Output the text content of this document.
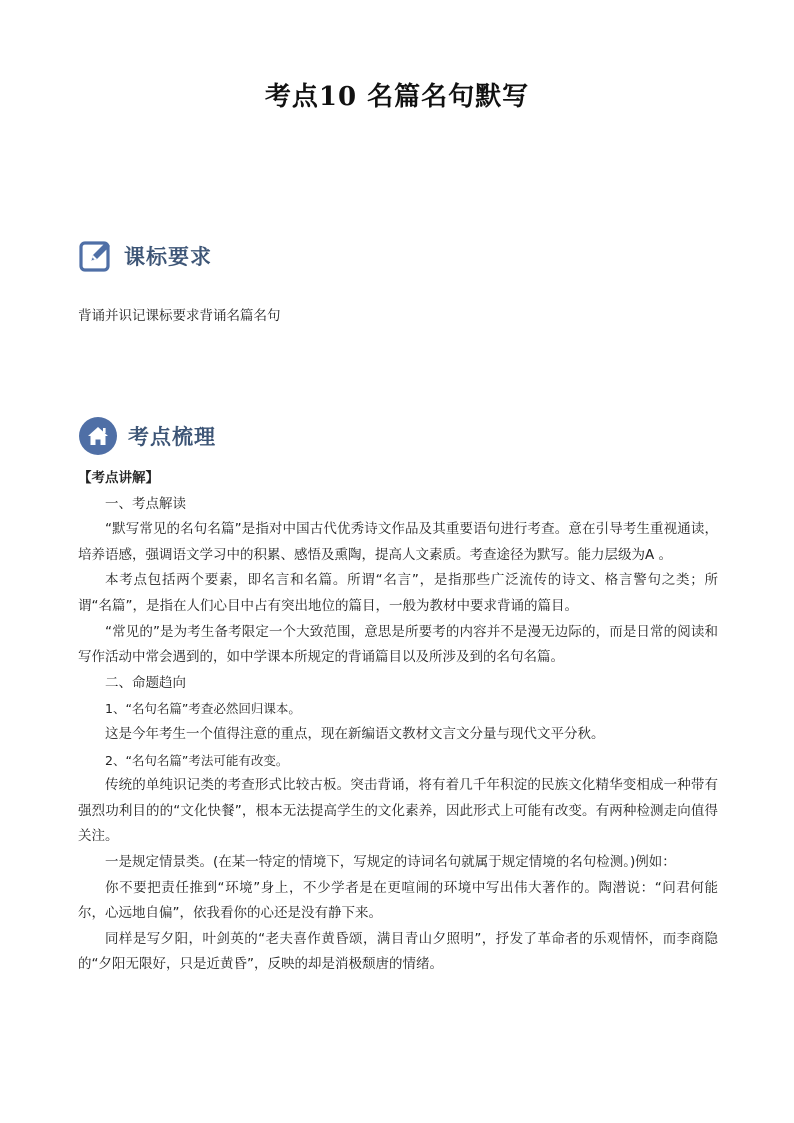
考点10 名篇名句默写
课标要求
背诵并识记课标要求背诵名篇名句
考点梳理

【考点讲解】

一、考点解读

“默写常见的名句名篇”是指对中国古代优秀诗文作品及其重要语句进行考查。意在引导考生重视通读，培养语感，强调语文学习中的积累、感悟及熏陶，提高人文素质。考查途径为默写。能力层级为A 。

本考点包括两个要素，即名言和名篇。所谓“名言”，是指那些广泛流传的诗文、格言警句之类；所谓“名篇”，是指在人们心目中占有突出地位的篇目，一般为教材中要求背诵的篇目。

“常见的”是为考生备考限定一个大致范围，意思是所要考的内容并不是漫无边际的，而是日常的阅读和写作活动中常会遇到的，如中学课本所规定的背诵篇目以及所涉及到的名句名篇。

二、命题趋向

1、“名句名篇”考查必然回归课本。

这是今年考生一个值得注意的重点，现在新编语文教材文言文分量与现代文平分秋。

2、“名句名篇”考法可能有改变。

传统的单纯识记类的考查形式比较古板。突击背诵，将有着几千年积淀的民族文化精华变相成一种带有强烈功利目的的“文化快餐”，根本无法提高学生的文化素养，因此形式上可能有改变。有两种检测走向值得关注。

一是规定情景类。(在某一特定的情境下，写规定的诗词名句就属于规定情境的名句检测。)例如：

你不要把责任推到“环境”身上，不少学者是在更喧闹的环境中写出伟大著作的。陶潜说：“问君何能尔，心远地自偏”，依我看你的心还是没有静下来。

同样是写夕阳，叶剑英的“老夫喜作黄昏颂，满目青山夕照明”，抒发了革命者的乐观情怀，而李商隐的“夕阳无限好，只是近黄昏”，反映的却是消极颓唐的情绪。
